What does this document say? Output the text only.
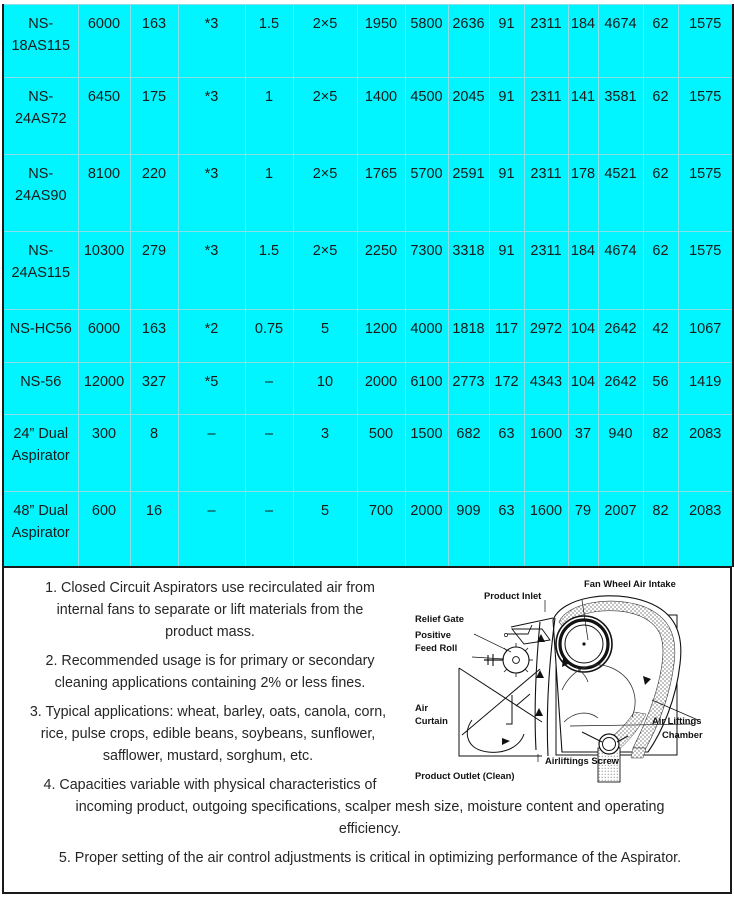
NS-18AS115	6000	163	*3	1.5	2×5	1950	5800	2636	91	2311	184	4674	62	1575
NS-24AS72	6450	175	*3	1	2×5	1400	4500	2045	91	2311	141	3581	62	1575
NS-24AS90	8100	220	*3	1	2×5	1765	5700	2591	91	2311	178	4521	62	1575
NS-24AS115	10300	279	*3	1.5	2×5	2250	7300	3318	91	2311	184	4674	62	1575
NS-HC56	6000	163	*2	0.75	5	1200	4000	1818	117	2972	104	2642	42	1067
NS-56	12000	327	*5	–	10	2000	6100	2773	172	4343	104	2642	56	1419
24” Dual Aspirator	300	8	–	–	3	500	1500	682	63	1600	37	940	82	2083
48” Dual Aspirator	600	16	–	–	5	700	2000	909	63	1600	79	2007	82	2083
1. Closed Circuit Aspirators use recirculated air from
internal fans to separate or lift materials from the
product mass.
2. Recommended usage is for primary or secondary
cleaning applications containing 2% or less fines.
3. Typical applications: wheat, barley, oats, canola, corn,
rice, pulse crops, edible beans, soybeans, sunflower,
safflower, mustard, sorghum, etc.
4. Capacities variable with physical characteristics of
incoming product, outgoing specifications, scalper mesh size, moisture content and operating
efficiency.
5. Proper setting of the air control adjustments is critical in optimizing performance of the Aspirator.
Fan Wheel Air Intake
Product Inlet
Relief Gate
Positive
Feed Roll
Air
Curtain	Air Liftings
Chamber
Airliftings Screw
Product Outlet (Clean)
